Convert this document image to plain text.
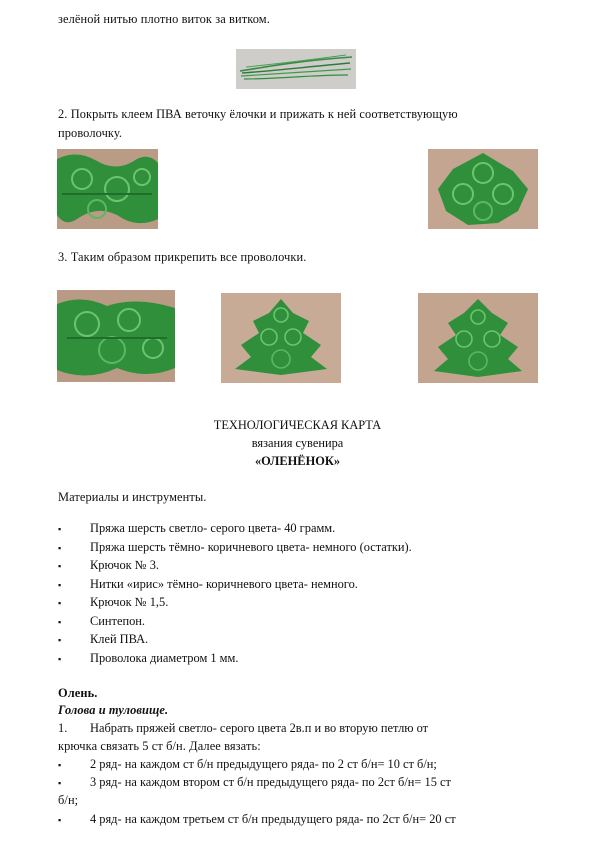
зелёной нитью плотно виток за витком.
2. Покрыть клеем ПВА веточку ёлочки и прижать к ней соответствующую
проволочку.
3. Таким образом прикрепить все проволочки.
ТЕХНОЛОГИЧЕСКАЯ КАРТА
вязания сувенира
«ОЛЕНЁНОК»
Материалы и инструменты.
▪	Пряжа шерсть светло- серого цвета- 40 грамм.
▪	Пряжа шерсть тёмно- коричневого цвета- немного (остатки).
▪	Крючок № 3.
▪	Нитки «ирис» тёмно- коричневого цвета- немного.
▪	Крючок № 1,5.
▪	Синтепон.
▪	Клей ПВА.
▪	Проволока диаметром 1 мм.
Олень.
Голова и туловище.
1. Набрать пряжей светло- серого цвета 2в.п и во вторую петлю от
крючка связать 5 ст б/н. Далее вязать:
▪	2 ряд- на каждом ст б/н предыдущего ряда- по 2 ст б/н= 10 ст б/н;
▪	3 ряд- на каждом втором ст б/н предыдущего ряда- по 2ст б/н= 15 ст
б/н;
▪	4 ряд- на каждом третьем ст б/н предыдущего ряда- по 2ст б/н= 20 ст
